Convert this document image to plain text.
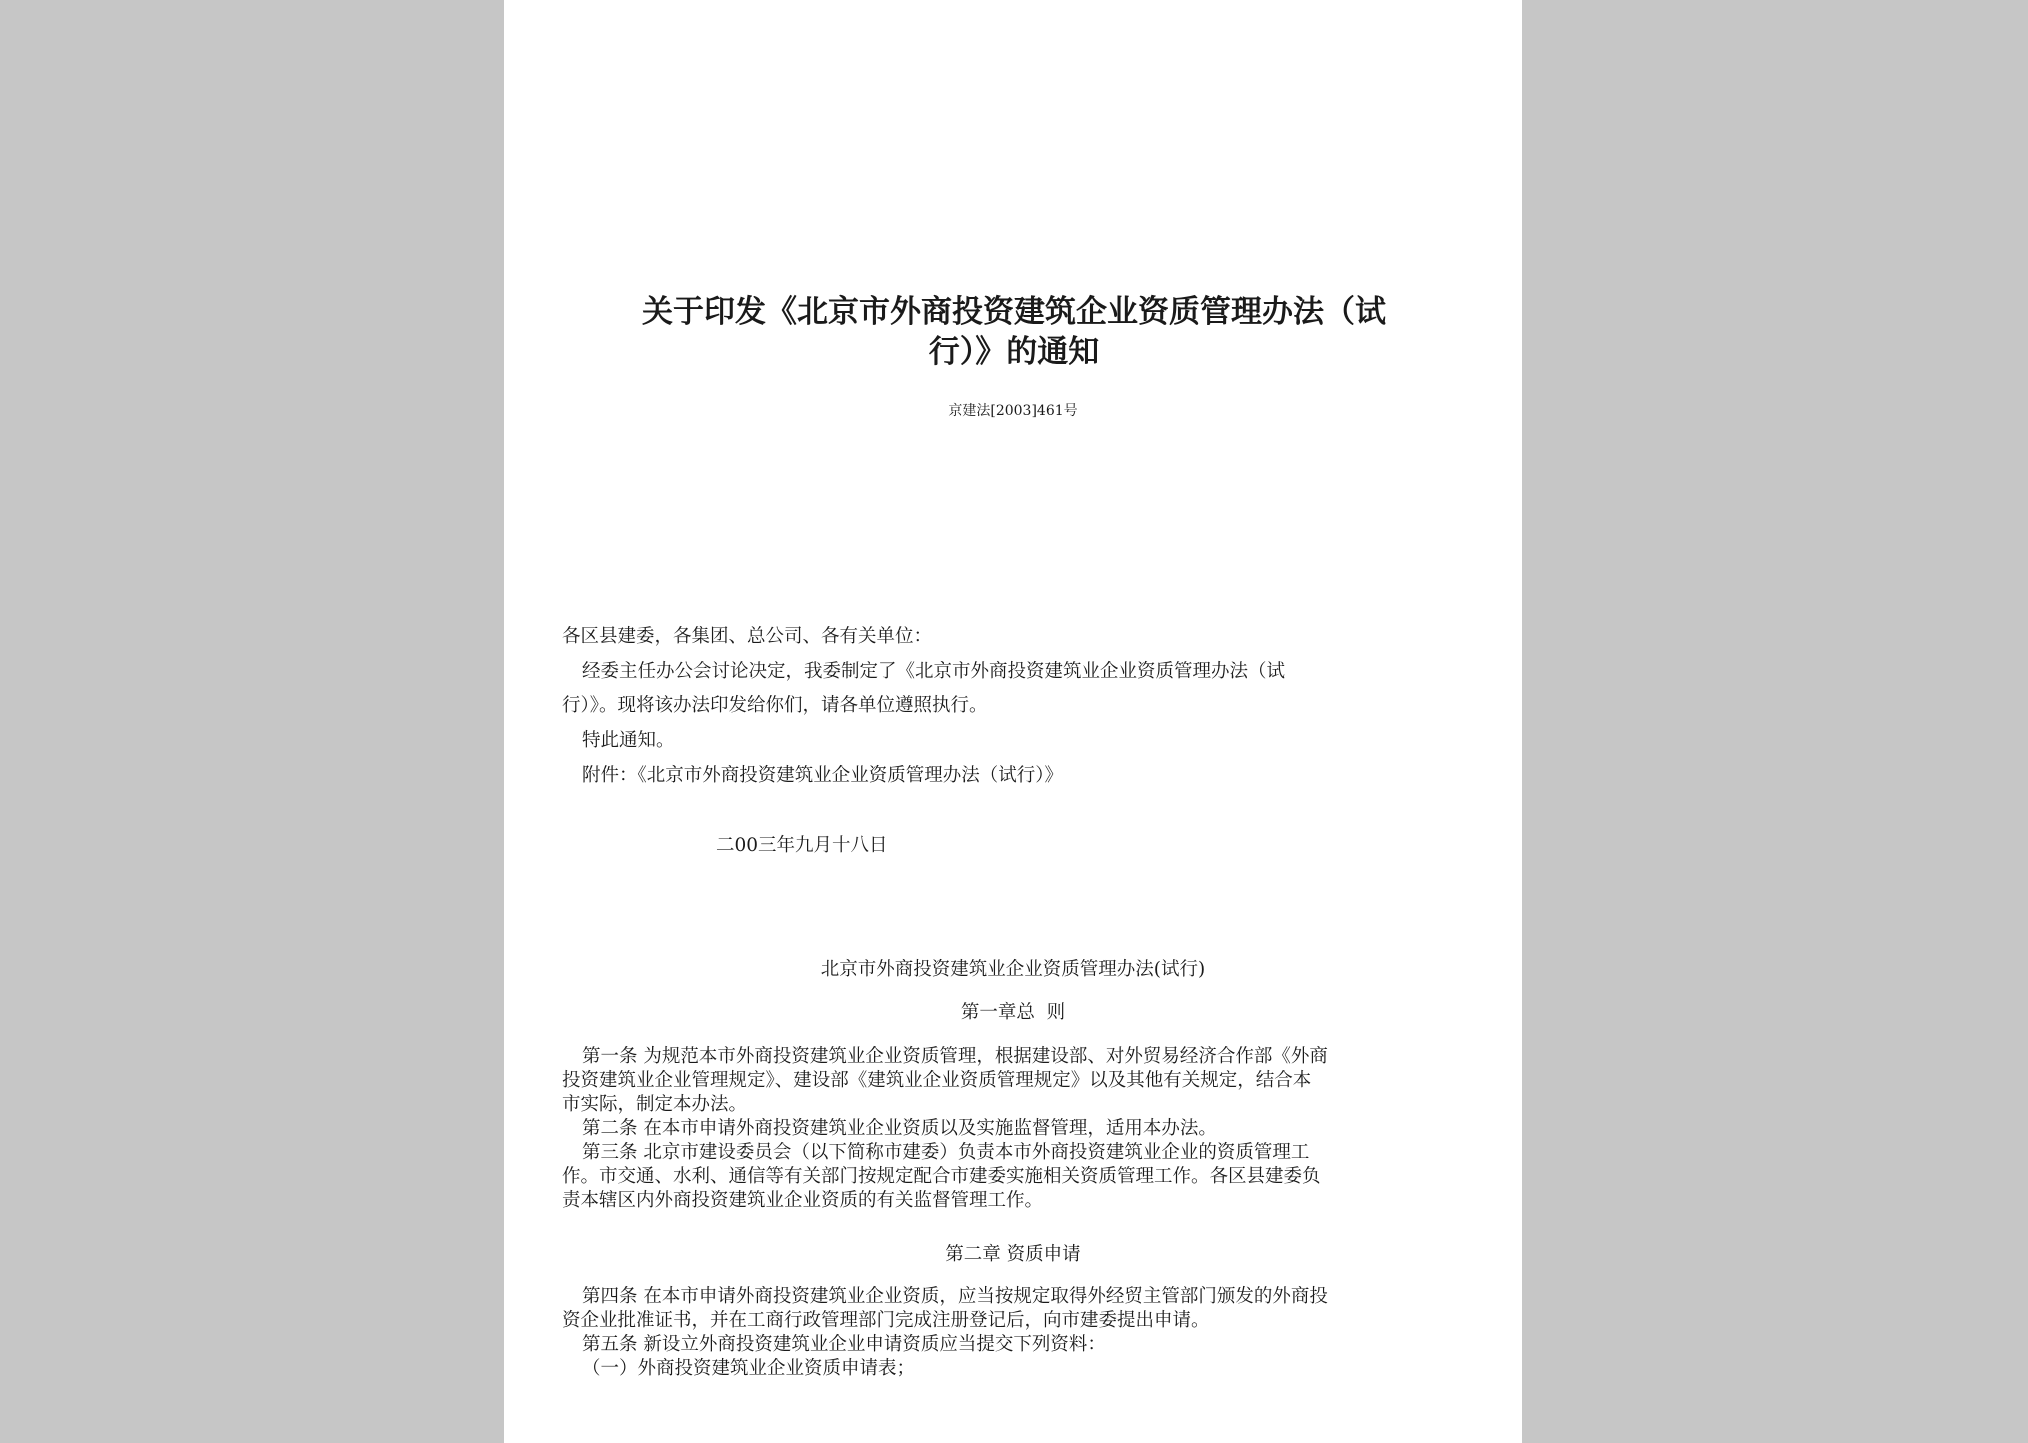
关于印发《北京市外商投资建筑企业资质管理办法（试
行）》的通知
京建法[2003]461号
各区县建委，各集团、总公司、各有关单位：
经委主任办公会讨论决定，我委制定了《北京市外商投资建筑业企业资质管理办法（试
行）》。现将该办法印发给你们，请各单位遵照执行。
特此通知。
附件：《北京市外商投资建筑业企业资质管理办法（试行）》
二00三年九月十八日
北京市外商投资建筑业企业资质管理办法(试行)
第一章总  则
第一条 为规范本市外商投资建筑业企业资质管理，根据建设部、对外贸易经济合作部《外商
投资建筑业企业管理规定》、建设部《建筑业企业资质管理规定》以及其他有关规定，结合本
市实际，制定本办法。
第二条 在本市申请外商投资建筑业企业资质以及实施监督管理，适用本办法。
第三条 北京市建设委员会（以下简称市建委）负责本市外商投资建筑业企业的资质管理工
作。市交通、水利、通信等有关部门按规定配合市建委实施相关资质管理工作。各区县建委负
责本辖区内外商投资建筑业企业资质的有关监督管理工作。
第二章 资质申请
第四条 在本市申请外商投资建筑业企业资质，应当按规定取得外经贸主管部门颁发的外商投
资企业批准证书，并在工商行政管理部门完成注册登记后，向市建委提出申请。
第五条 新设立外商投资建筑业企业申请资质应当提交下列资料：
（一）外商投资建筑业企业资质申请表；
